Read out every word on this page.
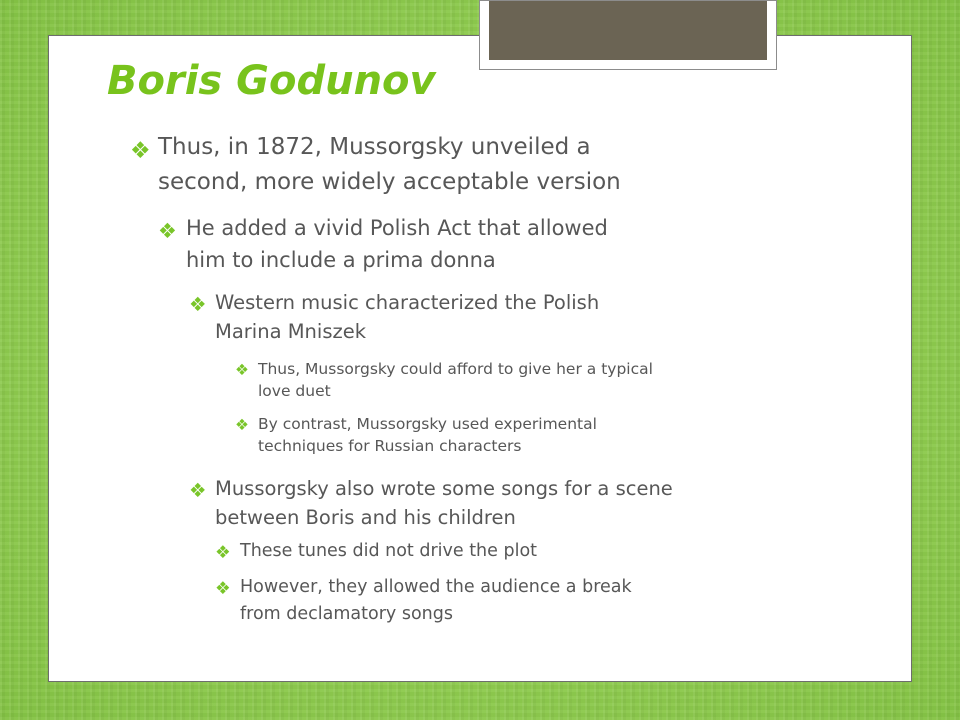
Boris Godunov
❖ Thus, in 1872, Mussorgsky unveiled a
second, more widely acceptable version
❖ He added a vivid Polish Act that allowed
him to include a prima donna
❖ Western music characterized the Polish
Marina Mniszek
❖ Thus, Mussorgsky could afford to give her a typical
love duet
❖ By contrast, Mussorgsky used experimental
techniques for Russian characters
❖ Mussorgsky also wrote some songs for a scene
between Boris and his children
❖ These tunes did not drive the plot
❖ However, they allowed the audience a break
from declamatory songs
